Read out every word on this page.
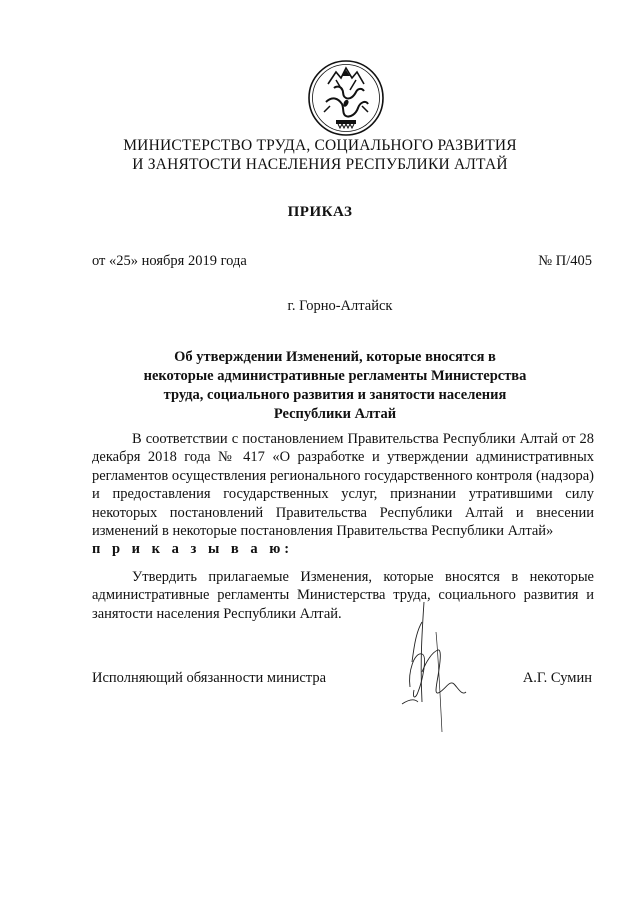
МИНИСТЕРСТВО ТРУДА, СОЦИАЛЬНОГО РАЗВИТИЯ
И ЗАНЯТОСТИ НАСЕЛЕНИЯ РЕСПУБЛИКИ АЛТАЙ
ПРИКАЗ
от «25» ноября 2019 года	№ П/405
г. Горно-Алтайск
Об утверждении Изменений, которые вносятся в некоторые административные регламенты Министерства труда, социального развития и занятости населения Республики Алтай
В соответствии с постановлением Правительства Республики Алтай от 28 декабря 2018 года № 417 «О разработке и утверждении административных регламентов осуществления регионального государственного контроля (надзора) и предоставления государственных услуг, признании утратившими силу некоторых постановлений Правительства Республики Алтай и внесении изменений в некоторые постановления Правительства Республики Алтай»
п р и к а з ы в а ю:
Утвердить прилагаемые Изменения, которые вносятся в некоторые административные регламенты Министерства труда, социального развития и занятости населения Республики Алтай.
Исполняющий обязанности министра	А.Г. Сумин
